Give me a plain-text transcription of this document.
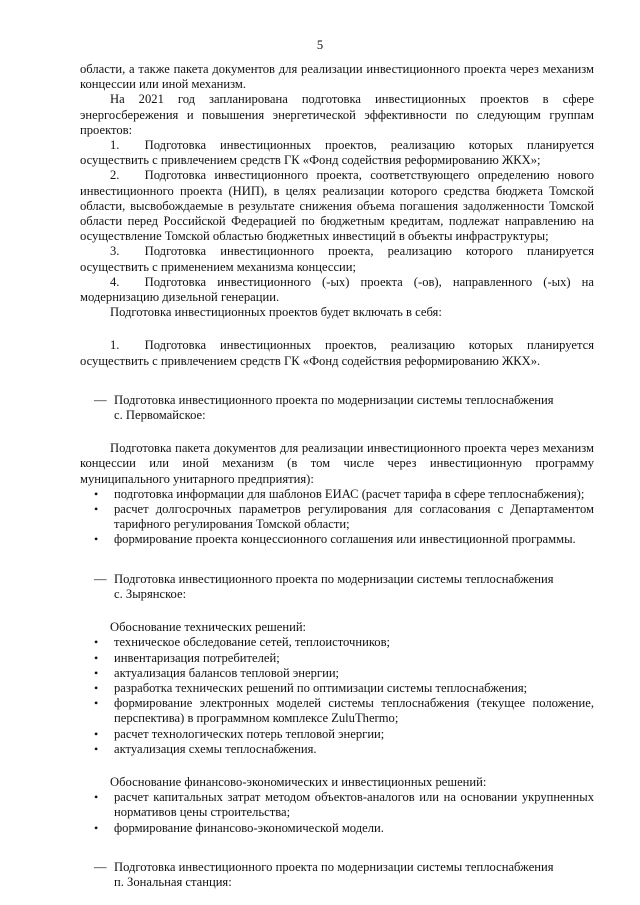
5

области, а также пакета документов для реализации инвестиционного проекта через механизм концессии или иной механизм.

На 2021 год запланирована подготовка инвестиционных проектов в сфере энергосбережения и повышения энергетической эффективности по следующим группам проектов:

1.  Подготовка инвестиционных проектов, реализацию которых планируется осуществить с привлечением средств ГК «Фонд содействия реформированию ЖКХ»;

2.  Подготовка инвестиционного проекта, соответствующего определению нового инвестиционного проекта (НИП), в целях реализации которого средства бюджета Томской области, высвобождаемые в результате снижения объема погашения задолженности Томской области перед Российской Федерацией по бюджетным кредитам, подлежат направлению на осуществление Томской областью бюджетных инвестиций в объекты инфраструктуры;

3.  Подготовка инвестиционного проекта, реализацию которого планируется осуществить с применением механизма концессии;

4.  Подготовка инвестиционного (-ых) проекта (-ов), направленного (-ых) на модернизацию дизельной генерации.

Подготовка инвестиционных проектов будет включать в себя:

1.  Подготовка инвестиционных проектов, реализацию которых планируется осуществить с привлечением средств ГК «Фонд содействия реформированию ЖКХ».

— Подготовка инвестиционного проекта по модернизации системы теплоснабжения

с. Первомайское:

Подготовка пакета документов для реализации инвестиционного проекта через механизм концессии или иной механизм (в том числе через инвестиционную программу муниципального унитарного предприятия):

• подготовка информации для шаблонов ЕИАС (расчет тарифа в сфере теплоснабжения);
• расчет долгосрочных параметров регулирования для согласования с Департаментом тарифного регулирования Томской области;
• формирование проекта концессионного соглашения или инвестиционной программы.
— Подготовка инвестиционного проекта по модернизации системы теплоснабжения

с. Зырянское:

Обоснование технических решений:

• техническое обследование сетей, теплоисточников;
• инвентаризация потребителей;
• актуализация балансов тепловой энергии;
• разработка технических решений по оптимизации системы теплоснабжения;
• формирование электронных моделей системы теплоснабжения (текущее положение, перспектива) в программном комплексе ZuluThermo;
• расчет технологических потерь тепловой энергии;
• актуализация схемы теплоснабжения.

Обоснование финансово-экономических и инвестиционных решений:

• расчет капитальных затрат методом объектов-аналогов или на основании укрупненных нормативов цены строительства;
• формирование финансово-экономической модели.
— Подготовка инвестиционного проекта по модернизации системы теплоснабжения

п. Зональная станция:
